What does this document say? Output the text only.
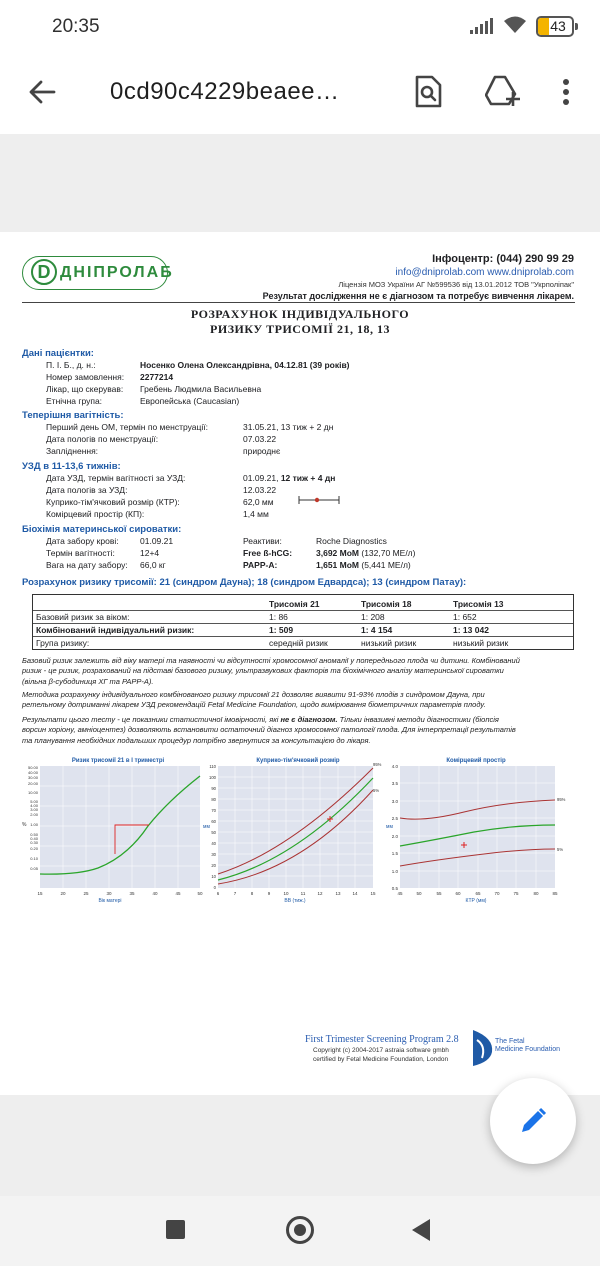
20:35	43
0cd90c4229beaee…
D ДНІПРОЛАБ
Інфоцентр: (044) 290 99 29
info@dniprolab.com www.dniprolab.com
Ліцензія МОЗ України АГ №599536 від 13.01.2012 ТОВ "Укрполіпак"
Результат дослідження не є діагнозом та потребує вивчення лікарем.
РОЗРАХУНОК ІНДИВІДУАЛЬНОГО
РИЗИКУ ТРИСОМІЇ 21, 18, 13
Дані пацієнтки:
П. І. Б., д. н.:	Носенко Олена Олександрівна, 04.12.81 (39 років)
Номер замовлення: 2277214
Лікар, що скерував: Гребень Людмила Васильевна
Етнічна група:	Европейська (Caucasian)
Теперішня вагітність:
Перший день ОМ, термін по менструації:	31.05.21, 13 тиж + 2 дн
Дата пологів по менструації:	07.03.22
Запліднення:	природнє
УЗД в 11-13,6 тижнів:
Дата УЗД, термін вагітності за УЗД:	01.09.21, 12 тиж + 4 дн
Дата пологів за УЗД:	12.03.22
Куприко-тім'ячковий розмір (КТР):	62,0 мм
Комірцевий простір (КП):	1,4 мм
Біохімія материнської сироватки:
Дата забору крові:	01.09.21	Реактиви:	Roche Diagnostics
Термін вагітності:	12+4	Free ß-hCG:	3,692 МоМ (132,70 МЕ/л)
Вага на дату забору: 66,0 кг	PAPP-A:	1,651 МоМ (5,441 МЕ/л)
Розрахунок ризику трисомії: 21 (синдром Дауна); 18 (синдром Едвардса); 13 (синдром Патау):
Трисомія 21	Трисомія 18	Трисомія 13
Базовий ризик за віком:	1: 86	1: 208	1: 652
Комбінований індивідуальний ризик:	1: 509	1: 4 154	1: 13 042
Група ризику:	середній ризик	низький ризик	низький ризик
Базовий ризик залежить від віку матері та наявності чи відсутності хромосомної аномалії у попереднього плода чи дитини. Комбінований
ризик - це ризик, розрахований на підставі базового ризику, ультразвукових факторів та біохімічного аналізу материнської сироватки
(вільна β-субодиниця ХГ та PAPP-A).
Методика розрахунку індивідуального комбінованого ризику трисомії 21 дозволяє виявити 91-93% плодів з синдромом Дауна, при
ретельному дотриманні лікарем УЗД рекомендацій Fetal Medicine Foundation, щодо вимірювання біометричних параметрів плоду.
Результати цього тесту - це показники статистичної імовірності, які не є діагнозом. Тільки інвазивні методи діагностики (біопсія
ворсин хоріону, амніоцентез) дозволяють встановити остаточний діагноз хромосомної патології плода. Для інтерпретації результатів
та планування необхідних подальших процедур потрібно звернутися за консультацією до лікаря.
Ризик трисомії 21 в І триместрі
50.00
40.00
30.00
20.00
10.00
5.00
4.00
3.00
2.00
1.00
0.50
0.40
0.30
0.20
0.10
0.05
%
15	20	25	30	35	40	45	50
Вік матері
Куприко-тім'ячковий розмір
110
100
90
80
70
60
50
40
30
20
10
0
мм
6	7	8	9	10	11	12	13	14	15
ВВ (тиж.)
95%
5%
Комірцевий простір
4.0
3.5
3.0
2.5
2.0
1.5
1.0
0.5
мм
45	50	55	60	65	70	75	80	85
КТР (мм)
95%
5%
First Trimester Screening Program 2.8
Copyright (c) 2004-2017 astraia software gmbh
certified by Fetal Medicine Foundation, London
The Fetal
Medicine Foundation
